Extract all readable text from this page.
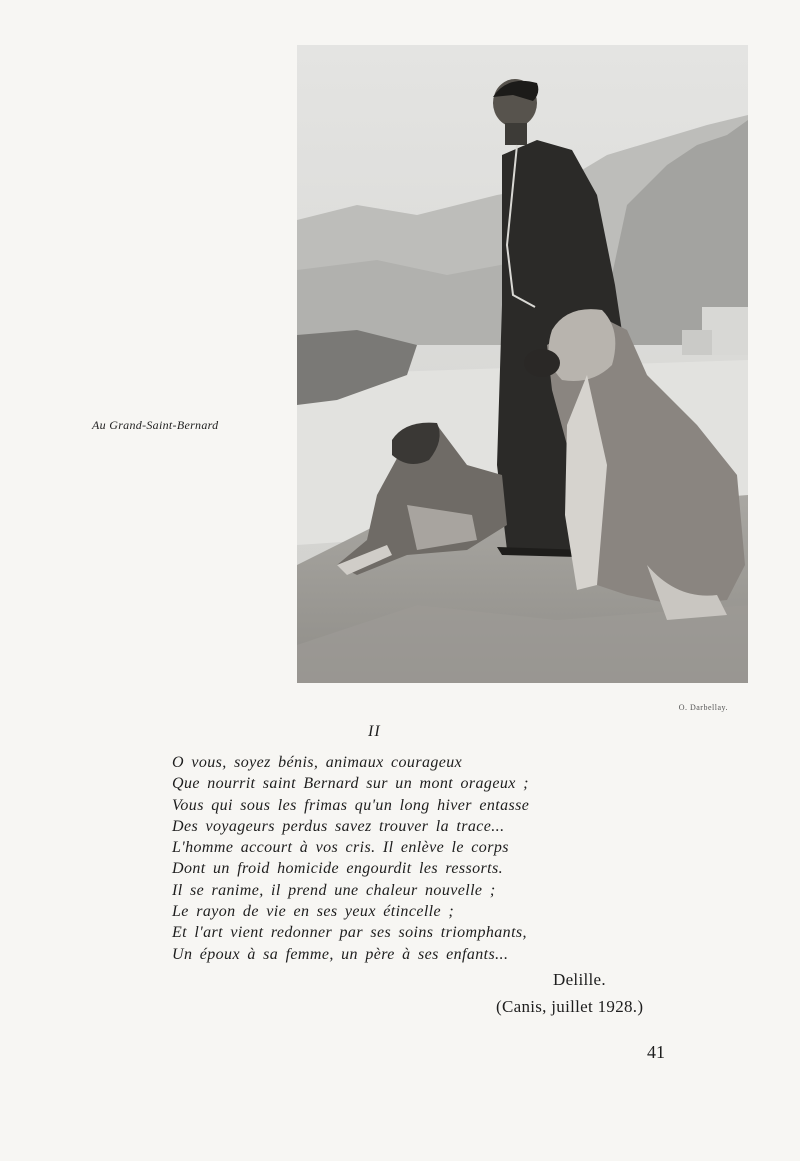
Au Grand-Saint-Bernard
O. Darbellay.
II
O vous, soyez bénis, animaux courageux
Que nourrit saint Bernard sur un mont orageux ;
Vous qui sous les frimas qu'un long hiver entasse
Des voyageurs perdus savez trouver la trace...
L'homme accourt à vos cris. Il enlève le corps
Dont un froid homicide engourdit les ressorts.
Il se ranime, il prend une chaleur nouvelle ;
Le rayon de vie en ses yeux étincelle ;
Et l'art vient redonner par ses soins triomphants,
Un époux à sa femme, un père à ses enfants...
Delille.
(Canis, juillet 1928.)
41
